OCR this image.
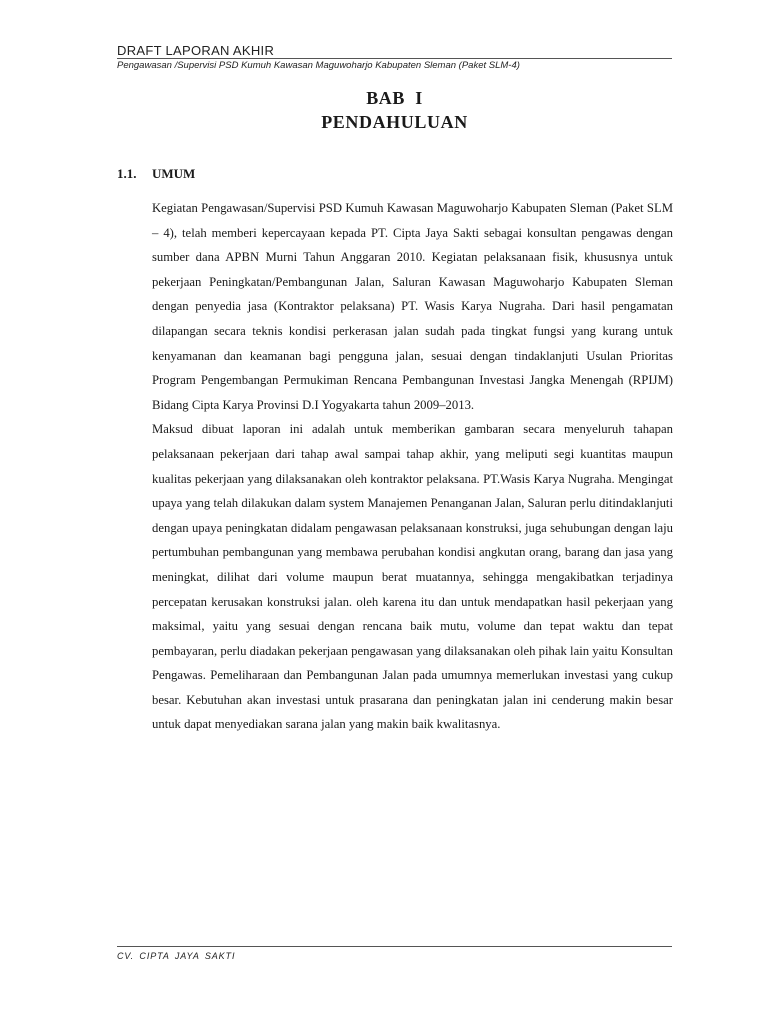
DRAFT LAPORAN AKHIR
Pengawasan /Supervisi PSD Kumuh Kawasan Maguwoharjo Kabupaten Sleman (Paket SLM-4)
BAB  I
PENDAHULUAN
1.1.	UMUM

Kegiatan Pengawasan/Supervisi PSD Kumuh Kawasan Maguwoharjo Kabupaten Sleman (Paket SLM – 4), telah memberi kepercayaan kepada PT. Cipta Jaya Sakti sebagai konsultan pengawas dengan sumber dana APBN Murni Tahun Anggaran 2010. Kegiatan pelaksanaan fisik, khususnya untuk pekerjaan Peningkatan/Pembangunan Jalan, Saluran Kawasan Maguwoharjo Kabupaten Sleman dengan penyedia jasa (Kontraktor pelaksana) PT. Wasis Karya Nugraha. Dari hasil pengamatan dilapangan secara teknis kondisi perkerasan jalan sudah pada tingkat fungsi yang kurang untuk kenyamanan dan keamanan bagi pengguna jalan, sesuai dengan tindaklanjuti Usulan Prioritas Program Pengembangan Permukiman Rencana Pembangunan Investasi Jangka Menengah (RPIJM) Bidang Cipta Karya Provinsi D.I Yogyakarta tahun 2009–2013.

Maksud dibuat laporan ini adalah untuk memberikan gambaran secara menyeluruh tahapan pelaksanaan pekerjaan dari tahap awal sampai tahap akhir, yang meliputi segi kuantitas maupun kualitas pekerjaan yang dilaksanakan oleh kontraktor pelaksana. PT.Wasis Karya Nugraha. Mengingat upaya yang telah dilakukan dalam system Manajemen Penanganan Jalan, Saluran perlu ditindaklanjuti dengan upaya peningkatan didalam pengawasan pelaksanaan konstruksi, juga sehubungan dengan laju pertumbuhan pembangunan yang membawa perubahan kondisi angkutan orang, barang dan jasa yang meningkat, dilihat dari volume maupun berat muatannya, sehingga mengakibatkan terjadinya percepatan kerusakan konstruksi jalan. oleh karena itu dan untuk mendapatkan hasil pekerjaan yang maksimal, yaitu yang sesuai dengan rencana baik mutu, volume dan tepat waktu dan tepat pembayaran, perlu diadakan pekerjaan pengawasan yang dilaksanakan oleh pihak lain yaitu Konsultan Pengawas. Pemeliharaan dan Pembangunan Jalan pada umumnya memerlukan investasi yang cukup besar. Kebutuhan akan investasi untuk prasarana dan peningkatan jalan ini cenderung makin besar untuk dapat menyediakan sarana jalan yang makin baik kwalitasnya.

CV. CIPTA JAYA SAKTI
